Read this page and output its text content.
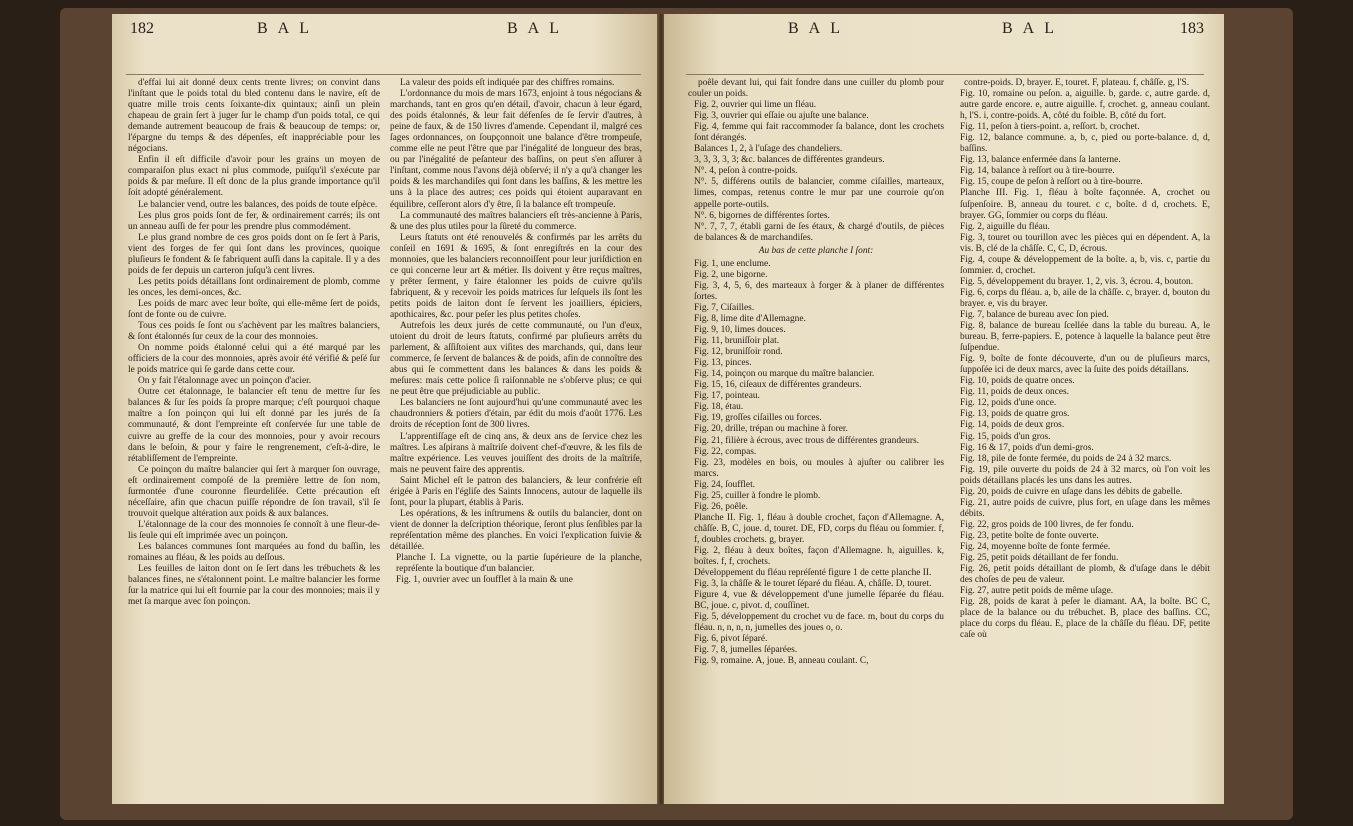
182	BAL	BAL

d'effai lui ait donné deux cents trente livres; on convint dans l'inſtant que le poids total du bled contenu dans le navire, eſt de quatre mille trois cents ſoixante-dix quintaux; ainſi un plein chapeau de grain ſert à juger ſur le champ d'un poids total, ce qui demande autrement beaucoup de frais & beaucoup de temps: or, l'épargne du temps & des dépenſes, eſt inappréciable pour les négocians.

Enfin il eſt difficile d'avoir pour les grains un moyen de comparaiſon plus exact ni plus commode, puiſqu'il s'exécute par poids & par meſure. Il eſt donc de la plus grande importance qu'il ſoit adopté généralement.

Le balancier vend, outre les balances, des poids de toute eſpèce.

Les plus gros poids ſont de fer, & ordinairement carrés; ils ont un anneau auſſi de fer pour les prendre plus commodément.

Le plus grand nombre de ces gros poids dont on ſe ſert à Paris, vient des forges de fer qui ſont dans les provinces, quoique pluſieurs ſe fondent & ſe fabriquent auſſi dans la capitale. Il y a des poids de fer depuis un carteron juſqu'à cent livres.

Les petits poids détaillans ſont ordinairement de plomb, comme les onces, les demi-onces, &c.

Les poids de marc avec leur boîte, qui elle-même ſert de poids, ſont de fonte ou de cuivre.

Tous ces poids ſe ſont ou s'achèvent par les maîtres balanciers, & ſont étalonnés ſur ceux de la cour des monnoies.

On nomme poids étalonné celui qui a été marqué par les officiers de la cour des monnoies, après avoir été vérifié & peſé ſur le poids matrice qui ſe garde dans cette cour.

On y fait l'étalonnage avec un poinçon d'acier.

Outre cet étalonnage, le balancier eſt tenu de mettre ſur ſes balances & ſur ſes poids ſa propre marque; c'eſt pourquoi chaque maître a ſon poinçon qui lui eſt donné par les jurés de ſa communauté, & dont l'empreinte eſt conſervée ſur une table de cuivre au greffe de la cour des monnoies, pour y avoir recours dans le beſoin, & pour y faire le rengrenement, c'eſt-à-dire, le rétabliſſement de l'empreinte.

Ce poinçon du maître balancier qui ſert à marquer ſon ouvrage, eſt ordinairement compoſé de la première lettre de ſon nom, ſurmontée d'une couronne fleurdeliſée. Cette précaution eſt néceſſaire, afin que chacun puiſſe répondre de ſon travail, s'il ſe trouvoit quelque altération aux poids & aux balances.

L'étalonnage de la cour des monnoies ſe connoît à une fleur-de-lis ſeule qui eſt imprimée avec un poinçon.

Les balances communes ſont marquées au fond du baſſin, les romaines au fléau, & les poids au deſſous.

Les feuilles de laiton dont on ſe ſert dans les trébuchets & les balances fines, ne s'étalonnent point. Le maître balancier les forme ſur la matrice qui lui eſt fournie par la cour des monnoies; mais il y met ſa marque avec ſon poinçon.

La valeur des poids eſt indiquée par des chiffres romains.

L'ordonnance du mois de mars 1673, enjoint à tous négocians & marchands, tant en gros qu'en détail, d'avoir, chacun à leur égard, des poids étalonnés, & leur fait défenſes de ſe ſervir d'autres, à peine de faux, & de 150 livres d'amende. Cependant il, malgré ces ſages ordonnances, on ſoupçonnoit une balance d'être trompeuſe, comme elle ne peut l'être que par l'inégalité de longueur des bras, ou par l'inégalité de peſanteur des baſſins, on peut s'en aſſurer à l'inſtant, comme nous l'avons déjà obſervé; il n'y a qu'à changer les poids & les marchandiſes qui ſont dans les baſſins, & les mettre les uns à la place des autres; ces poids qui étoient auparavant en équilibre, ceſſeront alors d'y être, ſi la balance eſt trompeuſe.

La communauté des maîtres balanciers eſt très-ancienne à Paris, & une des plus utiles pour la ſûreté du commerce.

Leurs ſtatuts ont été renouvelés & confirmés par les arrêts du conſeil en 1691 & 1695, & ſont enregiſtrés en la cour des monnoies, que les balanciers reconnoiſſent pour leur juriſdiction en ce qui concerne leur art & métier. Ils doivent y être reçus maîtres, y prêter ſerment, y faire étalonner les poids de cuivre qu'ils fabriquent, & y recevoir les poids matrices ſur leſquels ils ſont les petits poids de laiton dont ſe ſervent les joailliers, épiciers, apothicaires, &c. pour peſer les plus petites choſes.

Autrefois les deux jurés de cette communauté, ou l'un d'eux, utoient du droit de leurs ſtatuts, confirmé par pluſieurs arrêts du parlement, & aſſiſtoient aux viſites des marchands, qui, dans leur commerce, ſe ſervent de balances & de poids, afin de connoître des abus qui ſe commettent dans les balances & dans les poids & meſures: mais cette police ſi raiſonnable ne s'obſerve plus; ce qui ne peut être que préjudiciable au public.

Les balanciers ne ſont aujourd'hui qu'une communauté avec les chaudronniers & potiers d'étain, par édit du mois d'août 1776. Les droits de réception ſont de 300 livres.

L'apprentiſſage eſt de cinq ans, & deux ans de ſervice chez les maîtres. Les aſpirans à maîtriſe doivent chef-d'œuvre, & les fils de maître expérience. Les veuves jouiſſent des droits de la maîtriſe, mais ne peuvent faire des apprentis.

Saint Michel eſt le patron des balanciers, & leur confrérie eſt érigée à Paris en l'égliſe des Saints Innocens, autour de laquelle ils ſont, pour la plupart, établis à Paris.

Les opérations, & les inſtrumens & outils du balancier, dont on vient de donner la deſcription théorique, ſeront plus ſenſibles par la repréſentation même des planches. En voici l'explication ſuivie & détaillée.

Planche I. La vignette, ou la partie ſupérieure de la planche, repréſente la boutique d'un balancier.

Fig. 1, ouvrier avec un ſoufflet à la main & une

BAL	BAL	183

poêle devant lui, qui fait fondre dans une cuiller du plomb pour couler un poids.

Fig. 2, ouvrier qui lime un fléau.

Fig. 3, ouvrier qui eſſaie ou ajuſte une balance.

Fig. 4, femme qui fait raccommoder ſa balance, dont les crochets ſont dérangés.

Balances 1, 2, à l'uſage des chandeliers.

3, 3, 3, 3, 3; &c. balances de différentes grandeurs.

N°. 4, peſon à contre-poids.

N°. 5, différens outils de balancier, comme ciſailles, marteaux, limes, compas, retenus contre le mur par une courroie qu'on appelle porte-outils.

N°. 6, bigornes de différentes ſortes.

N°. 7, 7, 7, établi garni de ſes étaux, & chargé d'outils, de pièces de balances & de marchandiſes.

Au bas de cette planche I ſont:

Fig. 1, une enclume.

Fig. 2, une bigorne.

Fig. 3, 4, 5, 6, des marteaux à forger & à planer de différentes ſortes.

Fig. 7, Ciſailles.

Fig. 8, lime dite d'Allemagne.

Fig. 9, 10, limes douces.

Fig. 11, bruniſſoir plat.

Fig. 12, bruniſſoir rond.

Fig. 13, pinces.

Fig. 14, poinçon ou marque du maître balancier.

Fig. 15, 16, ciſeaux de différentes grandeurs.

Fig. 17, pointeau.

Fig. 18, étau.

Fig. 19, groſſes ciſailles ou forces.

Fig. 20, drille, trépan ou machine à forer.

Fig. 21, filière à écrous, avec trous de différentes grandeurs.

Fig. 22, compas.

Fig. 23, modèles en bois, ou moules à ajuſter ou calibrer les marcs.

Fig. 24, ſoufflet.

Fig. 25, cuiller à fondre le plomb.

Fig. 26, poêle.

Planche II. Fig. 1, fléau à double crochet, façon d'Allemagne. A, châſſe. B, C, joue. d, touret. DE, FD, corps du fléau ou ſommier. f, f, doubles crochets. g, brayer.

Fig. 2, fléau à deux boîtes, façon d'Allemagne. h, aiguilles. k, boîtes. f, f, crochets.

Développement du fléau repréſenté figure 1 de cette planche II.

Fig. 3, la châſſe & le touret ſéparé du fléau. A, châſſe. D, touret.

Figure 4, vue & développement d'une jumelle ſéparée du fléau. BC, joue. c, pivot. d, couſſinet.

Fig. 5, développement du crochet vu de face. m, bout du corps du fléau. n, n, n, n, jumelles des joues o, o.

Fig. 6, pivot ſéparé.

Fig. 7, 8, jumelles ſéparées.

Fig. 9, romaine. A, joue. B, anneau coulant. C,

contre-poids. D, brayer. E, touret. F, plateau. f, châſſe. g, l'S.

Fig. 10, romaine ou peſon. a, aiguille. b, garde. c, autre garde. d, autre garde encore. e, autre aiguille. f, crochet. g, anneau coulant. h, l'S. i, contre-poids. A, côté du foible. B, côté du fort.

Fig. 11, peſon à tiers-point. a, reſſort. b, crochet.

Fig. 12, balance commune. a, b, c, pied ou porte-balance. d, d, baſſins.

Fig. 13, balance enfermée dans ſa lanterne.

Fig. 14, balance à reſſort ou à tire-bourre.

Fig. 15, coupe de peſon à reſſort ou à tire-bourre.

Planche III. Fig. 1, fléau à boîte façonnée. A, crochet ou ſuſpenſoire. B, anneau du touret. c c, boîte. d d, crochets. E, brayer. GG, ſommier ou corps du fléau.

Fig. 2, aiguille du fléau.

Fig. 3, touret ou tourillon avec les pièces qui en dépendent. A, la vis. B, clé de la châſſe. C, C, D, écrous.

Fig. 4, coupe & développement de la boîte. a, b, vis. c, partie du ſommier. d, crochet.

Fig. 5, développement du brayer. 1, 2, vis. 3, écrou. 4, bouton.

Fig. 6, corps du fléau. a, b, aile de la châſſe. c, brayer. d, bouton du brayer. e, vis du brayer.

Fig. 7, balance de bureau avec ſon pied.

Fig. 8, balance de bureau ſcellée dans la table du bureau. A, le bureau. B, ferre-papiers. E, potence à laquelle la balance peut être ſuſpendue.

Fig. 9, boîte de fonte découverte, d'un ou de pluſieurs marcs, ſuppoſée ici de deux marcs, avec la ſuite des poids détaillans.

Fig. 10, poids de quatre onces.

Fig. 11, poids de deux onces.

Fig. 12, poids d'une once.

Fig. 13, poids de quatre gros.

Fig. 14, poids de deux gros.

Fig. 15, poids d'un gros.

Fig. 16 & 17, poids d'un demi-gros.

Fig. 18, pile de fonte fermée, du poids de 24 à 32 marcs.

Fig. 19, pile ouverte du poids de 24 à 32 marcs, où l'on voit les poids détaillans placés les uns dans les autres.

Fig. 20, poids de cuivre en uſage dans les débits de gabelle.

Fig. 21, autre poids de cuivre, plus fort, en uſage dans les mêmes débits.

Fig. 22, gros poids de 100 livres, de fer fondu.

Fig. 23, petite boîte de fonte ouverte.

Fig. 24, moyenne boîte de fonte fermée.

Fig. 25, petit poids détaillant de fer fondu.

Fig. 26, petit poids détaillant de plomb, & d'uſage dans le débit des choſes de peu de valeur.

Fig. 27, autre petit poids de même uſage.

Fig. 28, poids de karat à peſer le diamant. AA, la boîte. BC C, place de la balance ou du trébuchet. B, place des baſſins. CC, place du corps du fléau. E, place de la châſſe du fléau. DF, petite caſe où
